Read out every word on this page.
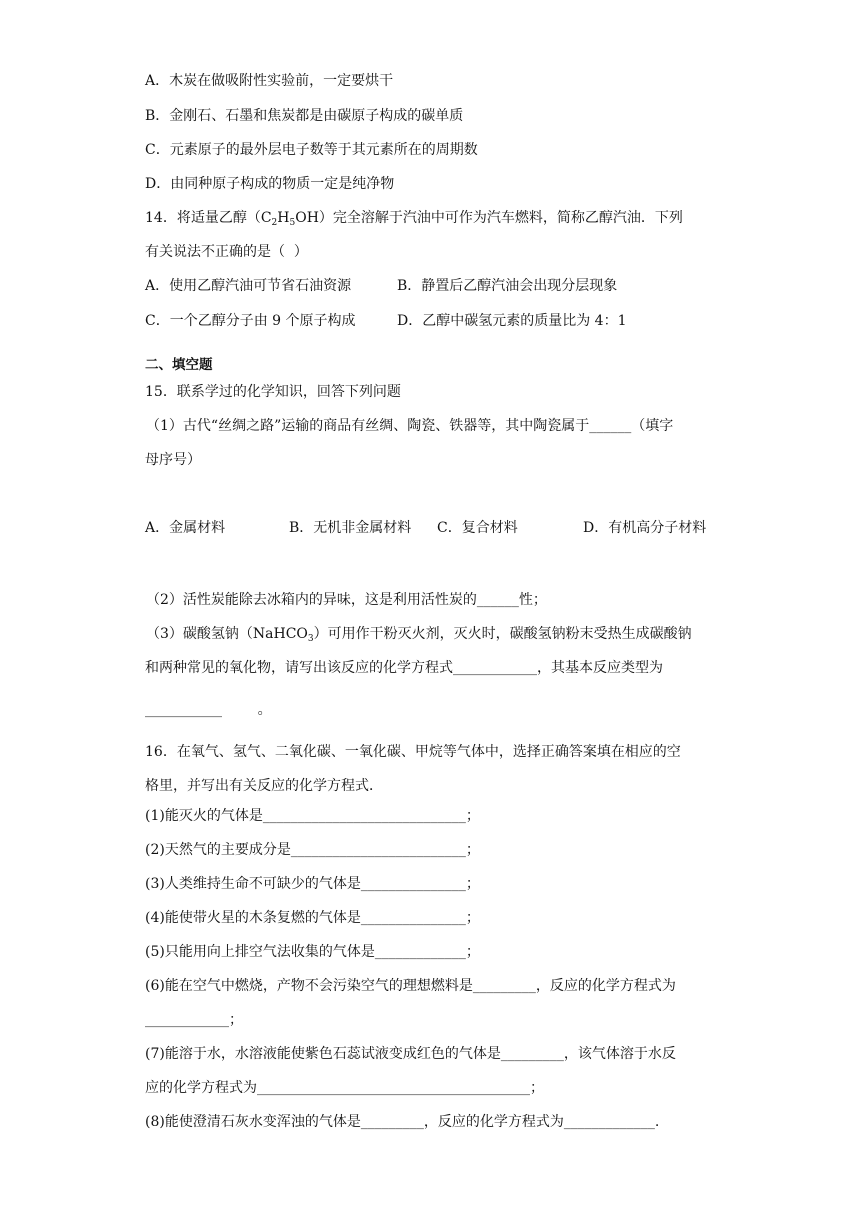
A．木炭在做吸附性实验前，一定要烘干
B．金刚石、石墨和焦炭都是由碳原子构成的碳单质
C．元素原子的最外层电子数等于其元素所在的周期数
D．由同种原子构成的物质一定是纯净物
14．将适量乙醇$(C_2H_5OH)$完全溶解于汽油中可作为汽车燃料，简称乙醇汽油．下列
有关说法不正确的是（  ）
A．使用乙醇汽油可节省石油资源	B．静置后乙醇汽油会出现分层现象
C．一个乙醇分子由 9 个原子构成	D．乙醇中碳氢元素的质量比为 4：1
二、填空题
15．联系学过的化学知识，回答下列问题
（1）古代“丝绸之路”运输的商品有丝绸、陶瓷、铁器等，其中陶瓷属于______（填字
母序号）
A．金属材料	B．无机非金属材料 C．复合材料	D．有机高分子材料
（2）活性炭能除去冰箱内的异味，这是利用活性炭的______性；
（3）碳酸氢钠（NaHCO$_3$）可用作干粉灭火剂，灭火时，碳酸氢钠粉末受热生成碳酸钠
和两种常见的氧化物，请写出该反应的化学方程式____________，其基本反应类型为
___________        。
16．在氧气、氢气、二氧化碳、一氧化碳、甲烷等气体中，选择正确答案填在相应的空
格里，并写出有关反应的化学方程式．
(1)能灭火的气体是_____________________________；
(2)天然气的主要成分是_________________________；
(3)人类维持生命不可缺少的气体是_______________；
(4)能使带火星的木条复燃的气体是_______________；
(5)只能用向上排空气法收集的气体是_____________；
(6)能在空气中燃烧，产物不会污染空气的理想燃料是_________，反应的化学方程式为
____________；
(7)能溶于水，水溶液能使紫色石蕊试液变成红色的气体是_________，该气体溶于水反
应的化学方程式为_______________________________________；
(8)能使澄清石灰水变浑浊的气体是_________，反应的化学方程式为_____________.
